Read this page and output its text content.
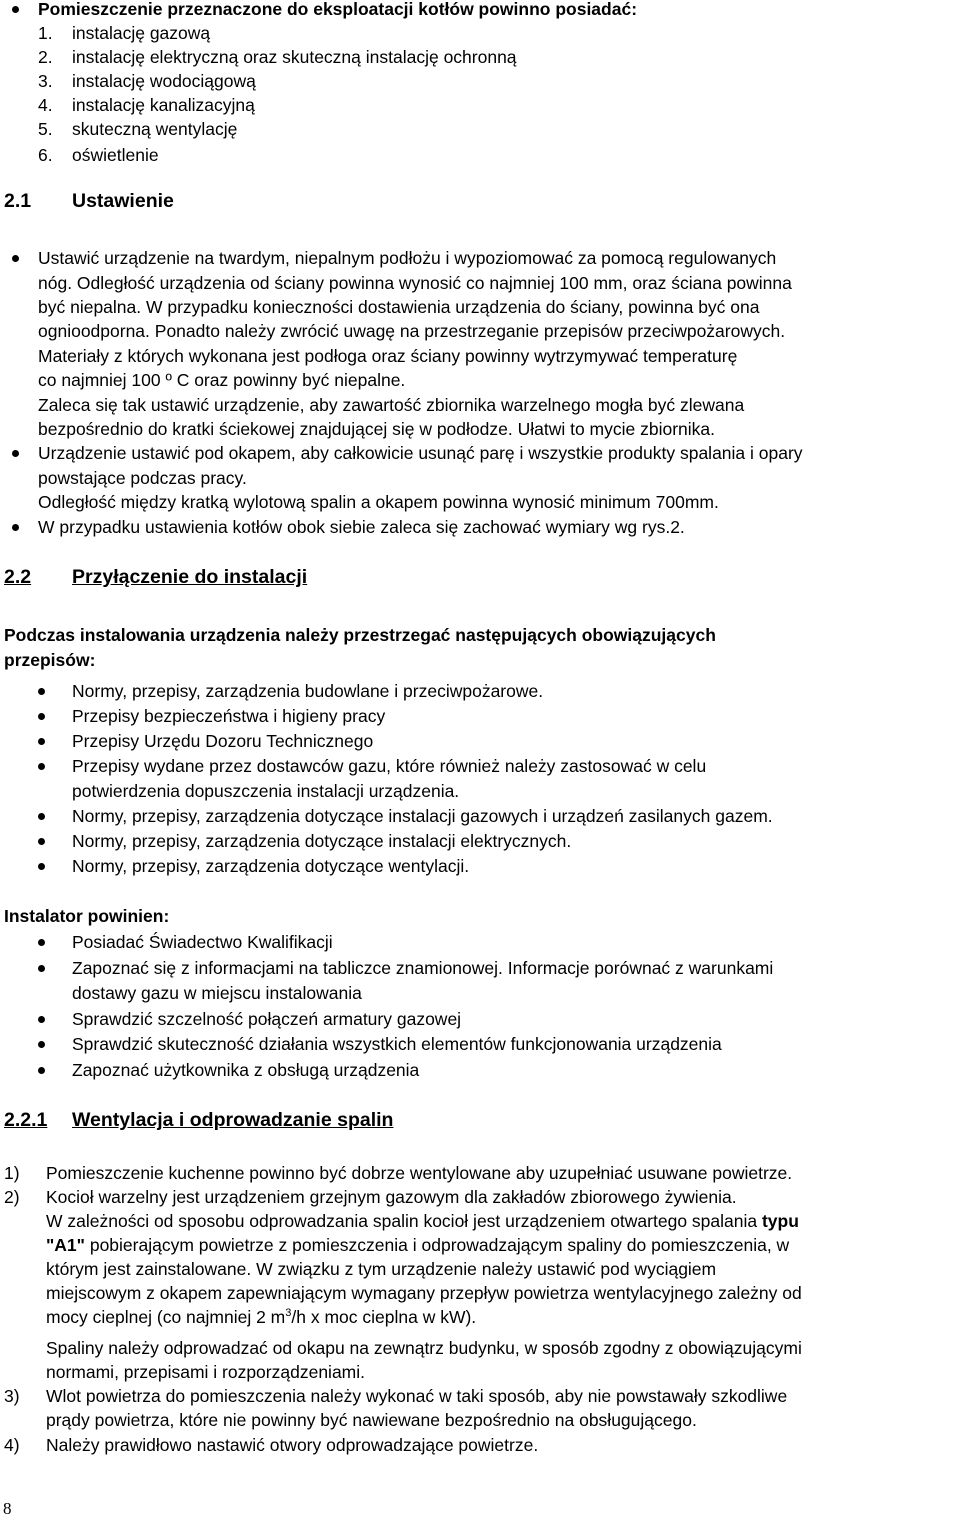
Pomieszczenie przeznaczone do eksploatacji kotłów powinno posiadać:
1. instalację gazową
2. instalację elektryczną oraz skuteczną instalację ochronną
3. instalację wodociągową
4. instalację kanalizacyjną
5. skuteczną wentylację
6. oświetlenie
2.1 Ustawienie
Ustawić urządzenie na twardym, niepalnym podłożu i wypoziomować za pomocą regulowanych
nóg. Odległość urządzenia od ściany powinna wynosić co najmniej 100 mm, oraz ściana powinna
być niepalna. W przypadku konieczności dostawienia urządzenia do ściany, powinna być ona
ognioodporna. Ponadto należy zwrócić uwagę na przestrzeganie przepisów przeciwpożarowych.
Materiały z których wykonana jest podłoga oraz ściany powinny wytrzymywać temperaturę
co najmniej 100 º C oraz powinny być niepalne.
Zaleca się tak ustawić urządzenie, aby zawartość zbiornika warzelnego mogła być zlewana
bezpośrednio do kratki ściekowej znajdującej się w podłodze. Ułatwi to mycie zbiornika.
Urządzenie ustawić pod okapem, aby całkowicie usunąć parę i wszystkie produkty spalania i opary
powstające podczas pracy.
Odległość między kratką wylotową spalin a okapem powinna wynosić minimum 700mm.
W przypadku ustawienia kotłów obok siebie zaleca się zachować wymiary wg rys.2.
2.2 Przyłączenie do instalacji
Podczas instalowania urządzenia należy przestrzegać następujących obowiązujących
przepisów:
Normy, przepisy, zarządzenia budowlane i przeciwpożarowe.
Przepisy bezpieczeństwa i higieny pracy
Przepisy Urzędu Dozoru Technicznego
Przepisy wydane przez dostawców gazu, które również należy zastosować w celu
potwierdzenia dopuszczenia instalacji urządzenia.
Normy, przepisy, zarządzenia dotyczące instalacji gazowych i urządzeń zasilanych gazem.
Normy, przepisy, zarządzenia dotyczące instalacji elektrycznych.
Normy, przepisy, zarządzenia dotyczące wentylacji.
Instalator powinien:
Posiadać Świadectwo Kwalifikacji
Zapoznać się z informacjami na tabliczce znamionowej. Informacje porównać z warunkami
dostawy gazu w miejscu instalowania
Sprawdzić szczelność połączeń armatury gazowej
Sprawdzić skuteczność działania wszystkich elementów funkcjonowania urządzenia
Zapoznać użytkownika z obsługą urządzenia
2.2.1 Wentylacja i odprowadzanie spalin
1) Pomieszczenie kuchenne powinno być dobrze wentylowane aby uzupełniać usuwane powietrze.
2) Kocioł warzelny jest urządzeniem grzejnym gazowym dla zakładów zbiorowego żywienia.
W zależności od sposobu odprowadzania spalin kocioł jest urządzeniem otwartego spalania typu
"A1" pobierającym powietrze z pomieszczenia i odprowadzającym spaliny do pomieszczenia, w
którym jest zainstalowane. W związku z tym urządzenie należy ustawić pod wyciągiem
miejscowym z okapem zapewniającym wymagany przepływ powietrza wentylacyjnego zależny od
mocy cieplnej (co najmniej 2 $m^3/h$ x moc cieplna w kW).
Spaliny należy odprowadzać od okapu na zewnątrz budynku, w sposób zgodny z obowiązującymi
normami, przepisami i rozporządzeniami.
3) Wlot powietrza do pomieszczenia należy wykonać w taki sposób, aby nie powstawały szkodliwe
prądy powietrza, które nie powinny być nawiewane bezpośrednio na obsługującego.
4) Należy prawidłowo nastawić otwory odprowadzające powietrze.
8
